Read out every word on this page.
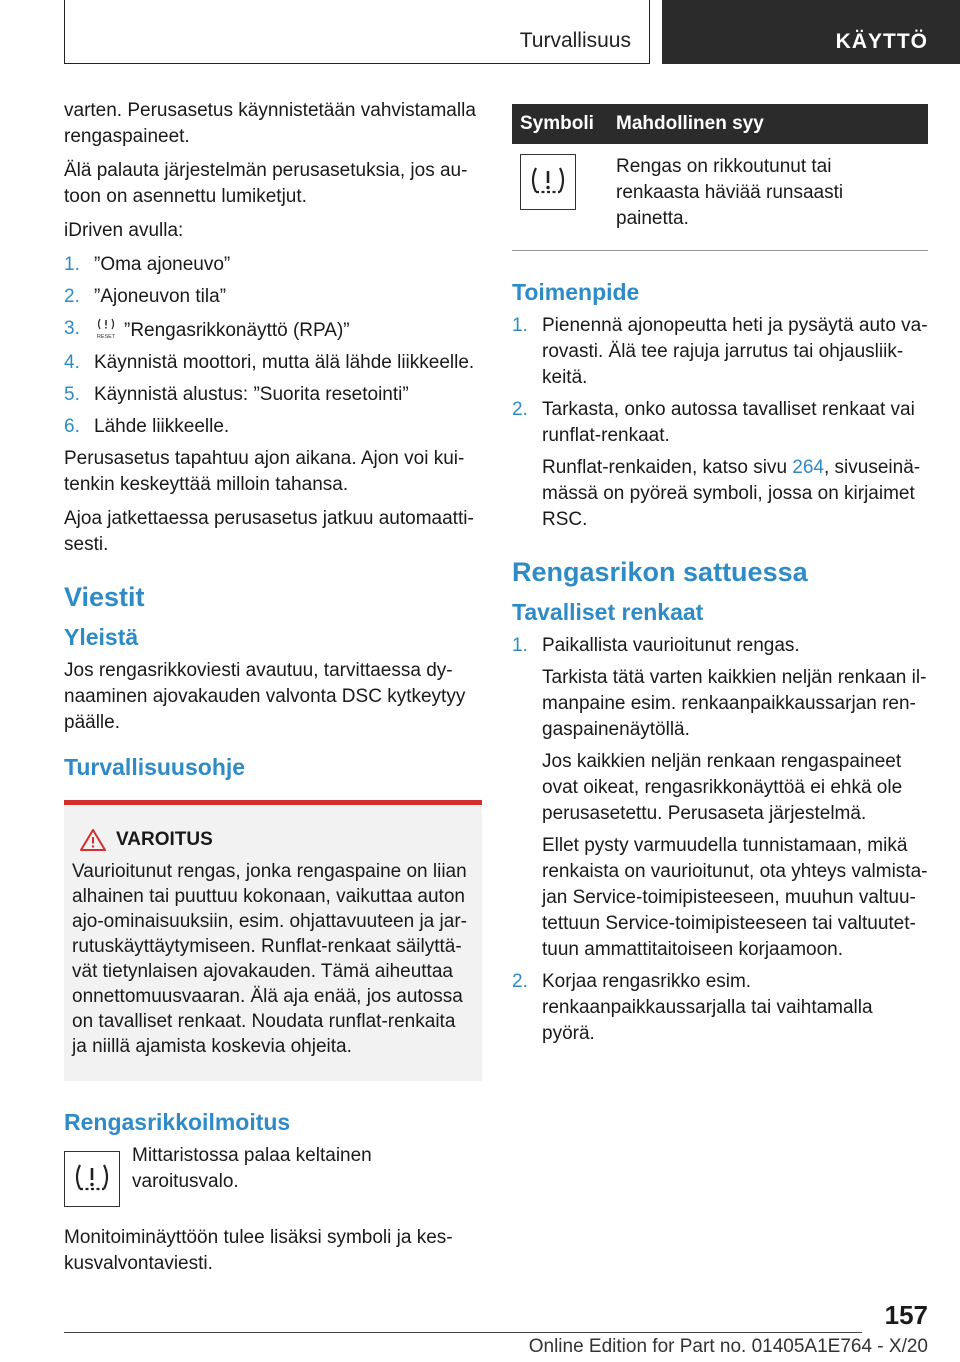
Turvallisuus	KÄYTTÖ

varten. Perusasetus käynnistetään vahvistamalla rengaspaineet.

Älä palauta järjestelmän perusasetuksia, jos autoon on asennettu lumiketjut.

iDriven avulla:

1. ”Oma ajoneuvo”
2. ”Ajoneuvon tila”
3.	RESET ”Rengasrikkonäyttö (RPA)”
4. Käynnistä moottori, mutta älä lähde liikkeelle.
5. Käynnistä alustus: ”Suorita resetointi”
6. Lähde liikkeelle.

Perusasetus tapahtuu ajon aikana. Ajon voi kuitenkin keskeyttää milloin tahansa.

Ajoa jatkettaessa perusasetus jatkuu automaattisesti.

Viestit
Yleistä

Jos rengasrikkoviesti avautuu, tarvittaessa dynaaminen ajovakauden valvonta DSC kytkeytyy päälle.

Turvallisuusohje
VAROITUS
Vaurioitunut rengas, jonka rengaspaine on liian alhainen tai puuttuu kokonaan, vaikuttaa auton ajo-ominaisuuksiin, esim. ohjattavuuteen ja jarrutuskäyttäytymiseen. Runflat-renkaat säilyttävät tietynlaisen ajovakauden. Tämä aiheuttaa onnettomuusvaaran. Älä aja enää, jos autossa on tavalliset renkaat. Noudata runflat-renkaita ja niillä ajamista koskevia ohjeita.
Rengasrikkoilmoitus
Mittaristossa palaa keltainen varoitusvalo.

Monitoiminäyttöön tulee lisäksi symboli ja keskusvalvontaviesti.

Symboli	Mahdollinen syy

	Rengas on rikkoutunut tai renkaasta häviää runsaasti painetta.
Toimenpide
1. Pienennä ajonopeutta heti ja pysäytä auto varovasti. Älä tee rajuja jarrutus tai ohjausliikkeitä.
2. Tarkasta, onko autossa tavalliset renkaat vai runflat-renkaat.
Runflat-renkaiden, katso sivu 264, sivuseinämässä on pyöreä symboli, jossa on kirjaimet RSC.
Rengasrikon sattuessa
Tavalliset renkaat
1. Paikallista vaurioitunut rengas.
Tarkista tätä varten kaikkien neljän renkaan ilmanpaine esim. renkaanpaikkaussarjan rengaspainenäytöllä.
Jos kaikkien neljän renkaan rengaspaineet ovat oikeat, rengasrikkonäyttöä ei ehkä ole perusasetettu. Perusaseta järjestelmä.
Ellet pysty varmuudella tunnistamaan, mikä renkaista on vaurioitunut, ota yhteys valmistajan Service-toimipisteeseen, muuhun valtuutettuun Service-toimipisteeseen tai valtuutettuun ammattitaitoiseen korjaamoon.
2. Korjaa rengasrikko esim. renkaanpaikkaussarjalla tai vaihtamalla pyörä.
157
Online Edition for Part no. 01405A1E764 - X/20
